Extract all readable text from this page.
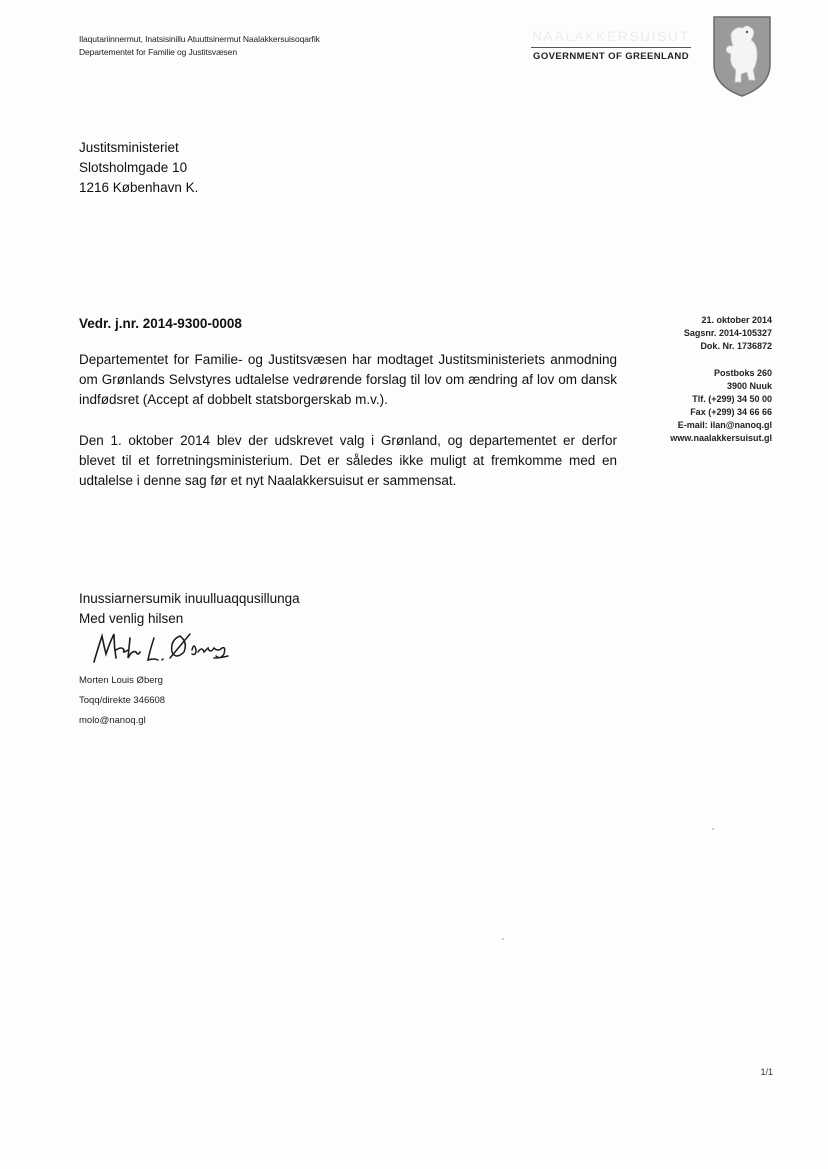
Ilaqutariinnermut, Inatsisinillu Atuuttsinermut Naalakkersuisoqarfik
Departementet for Familie og Justitsvæsen
NAALAKKERSUISUT
GOVERNMENT OF GREENLAND
Justitsministeriet
Slotsholmgade 10
1216 København K.
Vedr. j.nr. 2014-9300-0008	21. oktober 2014
Sagsnr. 2014-105327
Dok. Nr. 1736872
Postboks 260
3900 Nuuk
Tlf. (+299) 34 50 00
Fax (+299) 34 66 66
E-mail: ilan@nanoq.gl
www.naalakkersuisut.gl
Departementet for Familie- og Justitsvæsen har modtaget Justitsministeriets anmodning om Grønlands Selvstyres udtalelse vedrørende forslag til lov om ændring af lov om dansk indfødsret (Accept af dobbelt statsborgerskab m.v.).
Den 1. oktober 2014 blev der udskrevet valg i Grønland, og departementet er derfor blevet til et forretningsministerium. Det er således ikke muligt at fremkomme med en udtalelse i denne sag før et nyt Naalakkersuisut er sammensat.
Inussiarnersumik inuulluaqqusillunga
Med venlig hilsen
Morten Louis Øberg
Toqq/direkte 346608
molo@nanoq.gl
1/1
